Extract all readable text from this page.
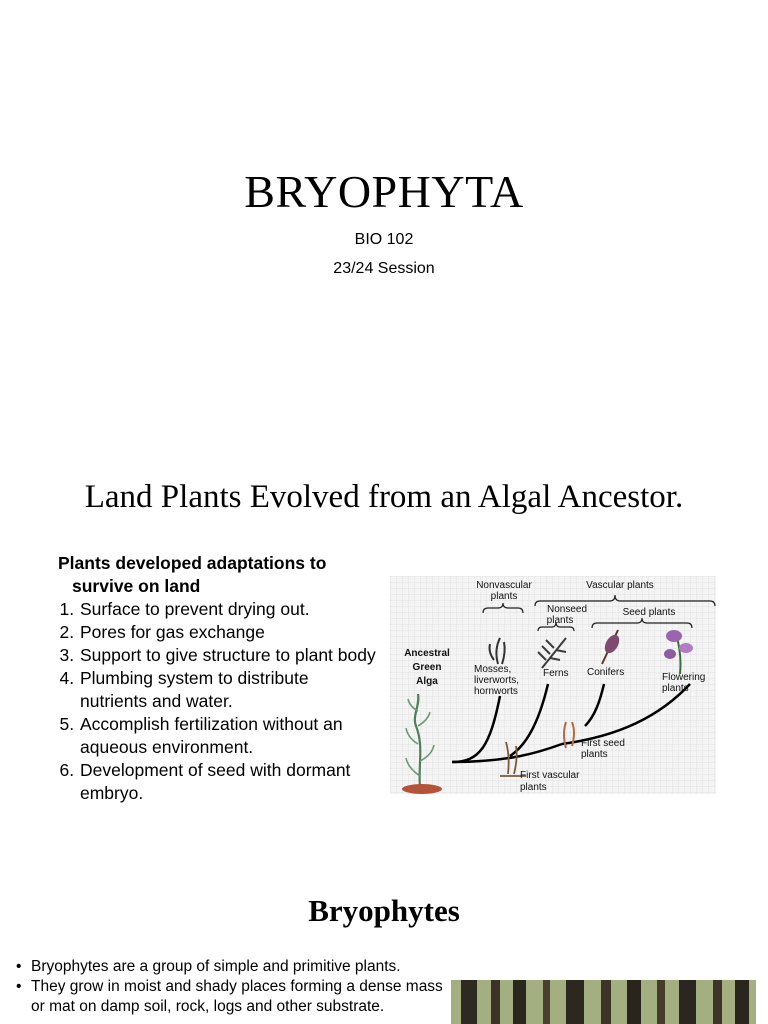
BRYOPHYTA
BIO 102
23/24 Session
Land Plants Evolved from an Algal Ancestor.
Plants developed adaptations to
survive on land
1. Surface to prevent drying out.
2. Pores for gas exchange
3. Support to give structure to plant body
4. Plumbing system to distribute nutrients and water.
5. Accomplish fertilization without an aqueous environment.
6. Development of seed with dormant embryo.
Nonvascular
plants
Vascular plants
Nonseed
plants
Seed plants
Ancestral
Green
Alga
Mosses,
liverworts,
hornworts
Ferns Conifers	Flowering
plants
First seed
plants
First vascular
plants
Bryophytes
• Bryophytes are a group of simple and primitive plants.
• They grow in moist and shady places forming a dense mass or mat on damp soil, rock, logs and other substrate.
